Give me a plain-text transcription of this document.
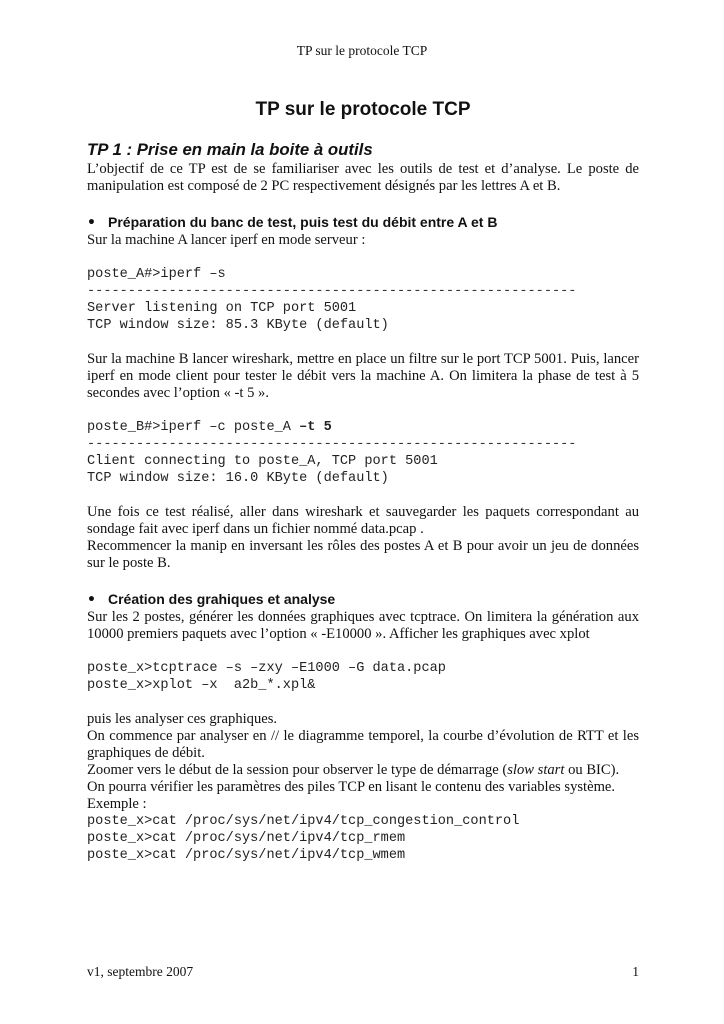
TP sur le protocole TCP
TP sur le protocole TCP
TP 1 : Prise en main la boite à outils

L’objectif de ce TP est de se familiariser avec les outils de test et d’analyse. Le poste de manipulation est composé de 2 PC respectivement désignés par les lettres A et B.

• Préparation du banc de test, puis test du débit entre A et B

Sur la machine A lancer iperf en mode serveur :

poste_A#>iperf –s
------------------------------------------------------------
Server listening on TCP port 5001
TCP window size: 85.3 KByte (default)

Sur la machine B lancer wireshark, mettre en place un filtre sur le port TCP 5001. Puis, lancer iperf en mode client pour tester le débit vers la machine A. On limitera la phase de test à 5 secondes avec l’option « -t 5 ».

poste_B#>iperf –c poste_A –t 5
------------------------------------------------------------
Client connecting to poste_A, TCP port 5001
TCP window size: 16.0 KByte (default)

Une fois ce test réalisé, aller dans wireshark et sauvegarder les paquets correspondant au sondage fait avec iperf dans un fichier nommé data.pcap .
Recommencer la manip en inversant les rôles des postes A et B pour avoir un jeu de données sur le poste B.

• Création des grahiques et analyse

Sur les 2 postes, générer les données graphiques avec tcptrace. On limitera la génération aux 10000 premiers paquets avec l’option « -E10000 ». Afficher les graphiques avec xplot

poste_x>tcptrace –s –zxy –E1000 –G data.pcap
poste_x>xplot –x  a2b_*.xpl&

puis les analyser ces graphiques.
On commence par analyser en // le diagramme temporel, la courbe d’évolution de RTT et les graphiques de débit.
Zoomer vers le début de la session pour observer le type de démarrage (slow start ou BIC).
On pourra vérifier les paramètres des piles TCP en lisant le contenu des variables système.
Exemple :

poste_x>cat /proc/sys/net/ipv4/tcp_congestion_control
poste_x>cat /proc/sys/net/ipv4/tcp_rmem
poste_x>cat /proc/sys/net/ipv4/tcp_wmem
v1, septembre 2007	1
